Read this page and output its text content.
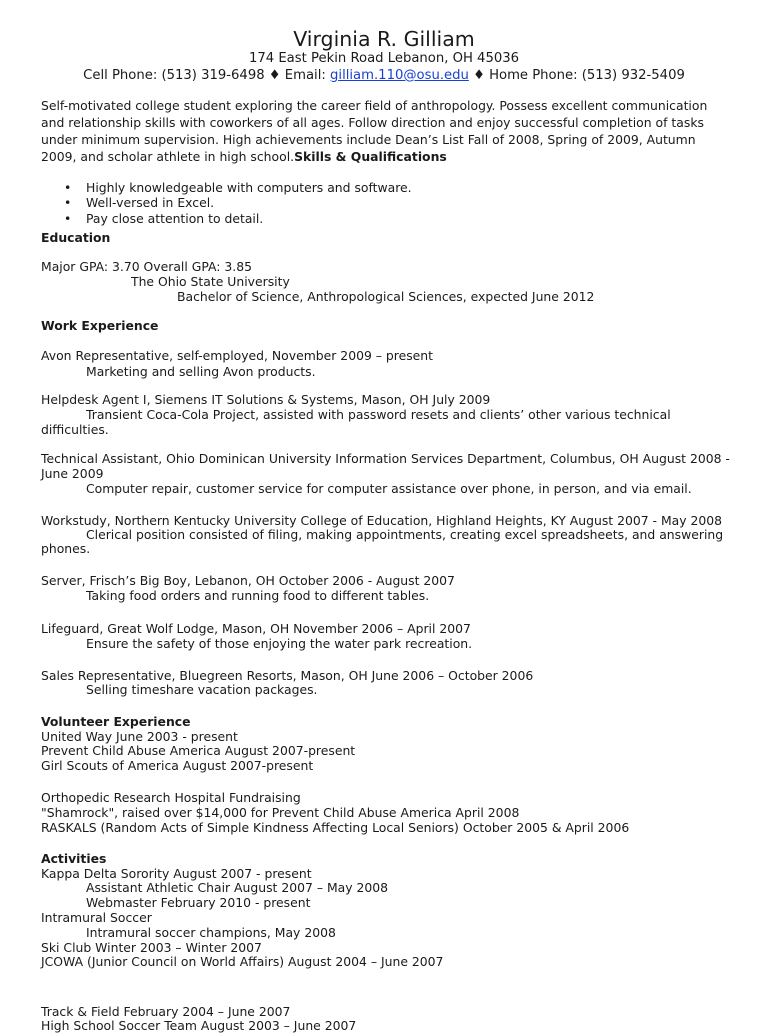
Virginia R. Gilliam
174 East Pekin Road Lebanon, OH 45036
Cell Phone: (513) 319-6498 ♦ Email: gilliam.110@osu.edu ♦ Home Phone: (513) 932-5409
Self-motivated college student exploring the career field of anthropology. Possess excellent communication
and relationship skills with coworkers of all ages. Follow direction and enjoy successful completion of tasks
under minimum supervision. High achievements include Dean’s List Fall of 2008, Spring of 2009, Autumn
2009, and scholar athlete in high school.Skills & Qualifications
• Highly knowledgeable with computers and software.
• Well-versed in Excel.
• Pay close attention to detail.
Education
Major GPA: 3.70 Overall GPA: 3.85
The Ohio State University
Bachelor of Science, Anthropological Sciences, expected June 2012
Work Experience
Avon Representative, self-employed, November 2009 – present
Marketing and selling Avon products.
Helpdesk Agent I, Siemens IT Solutions & Systems, Mason, OH July 2009
Transient Coca-Cola Project, assisted with password resets and clients’ other various technical
difficulties.
Technical Assistant, Ohio Dominican University Information Services Department, Columbus, OH August 2008 -
June 2009
Computer repair, customer service for computer assistance over phone, in person, and via email.
Workstudy, Northern Kentucky University College of Education, Highland Heights, KY August 2007 - May 2008
Clerical position consisted of filing, making appointments, creating excel spreadsheets, and answering
phones.
Server, Frisch’s Big Boy, Lebanon, OH October 2006 - August 2007
Taking food orders and running food to different tables.
Lifeguard, Great Wolf Lodge, Mason, OH November 2006 – April 2007
Ensure the safety of those enjoying the water park recreation.
Sales Representative, Bluegreen Resorts, Mason, OH June 2006 – October 2006
Selling timeshare vacation packages.
Volunteer Experience
United Way June 2003 - present
Prevent Child Abuse America August 2007-present
Girl Scouts of America August 2007-present
Orthopedic Research Hospital Fundraising
"Shamrock", raised over $14,000 for Prevent Child Abuse America April 2008
RASKALS (Random Acts of Simple Kindness Affecting Local Seniors) October 2005 & April 2006
Activities
Kappa Delta Sorority August 2007 - present
Assistant Athletic Chair August 2007 – May 2008
Webmaster February 2010 - present
Intramural Soccer
Intramural soccer champions, May 2008
Ski Club Winter 2003 – Winter 2007
JCOWA (Junior Council on World Affairs) August 2004 – June 2007
Track & Field February 2004 – June 2007
High School Soccer Team August 2003 – June 2007
